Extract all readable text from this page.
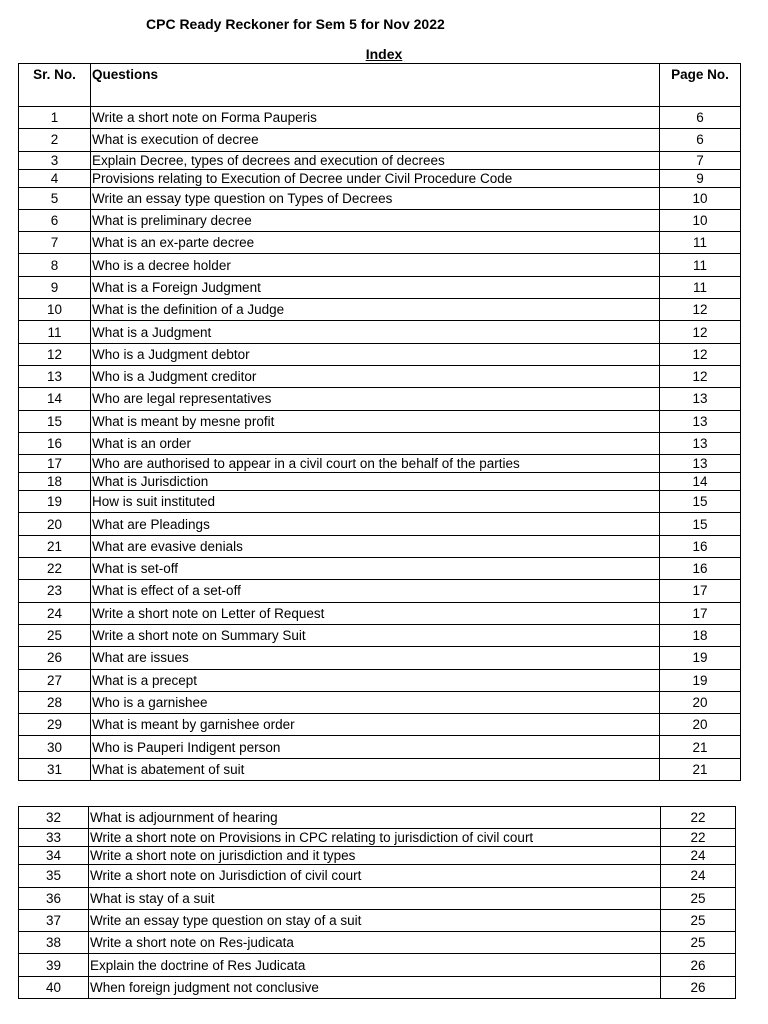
CPC Ready Reckoner for Sem 5 for Nov 2022
Index
Sr. No.	Questions	Page No.
1	Write a short note on Forma Pauperis	6
2	What is execution of decree	6
3	Explain Decree, types of decrees and execution of decrees	7
4	Provisions relating to Execution of Decree under Civil Procedure Code	9
5	Write an essay type question on Types of Decrees	10
6	What is preliminary decree	10
7	What is an ex-parte decree	11
8	Who is a decree holder	11
9	What is a Foreign Judgment	11
10	What is the definition of a Judge	12
11	What is a Judgment	12
12	Who is a Judgment debtor	12
13	Who is a Judgment creditor	12
14	Who are legal representatives	13
15	What is meant by mesne profit	13
16	What is an order	13
17	Who are authorised to appear in a civil court on the behalf of the parties	13
18	What is Jurisdiction	14
19	How is suit instituted	15
20	What are Pleadings	15
21	What are evasive denials	16
22	What is set-off	16
23	What is effect of a set-off	17
24	Write a short note on Letter of Request	17
25	Write a short note on Summary Suit	18
26	What are issues	19
27	What is a precept	19
28	Who is a garnishee	20
29	What is meant by garnishee order	20
30	Who is Pauperi Indigent person	21
31	What is abatement of suit	21
32	What is adjournment of hearing	22
33	Write a short note on Provisions in CPC relating to jurisdiction of civil court	22
34	Write a short note on jurisdiction and it types	24
35	Write a short note on Jurisdiction of civil court	24
36	What is stay of a suit	25
37	Write an essay type question on stay of a suit	25
38	Write a short note on Res-judicata	25
39	Explain the doctrine of Res Judicata	26
40	When foreign judgment not conclusive	26
